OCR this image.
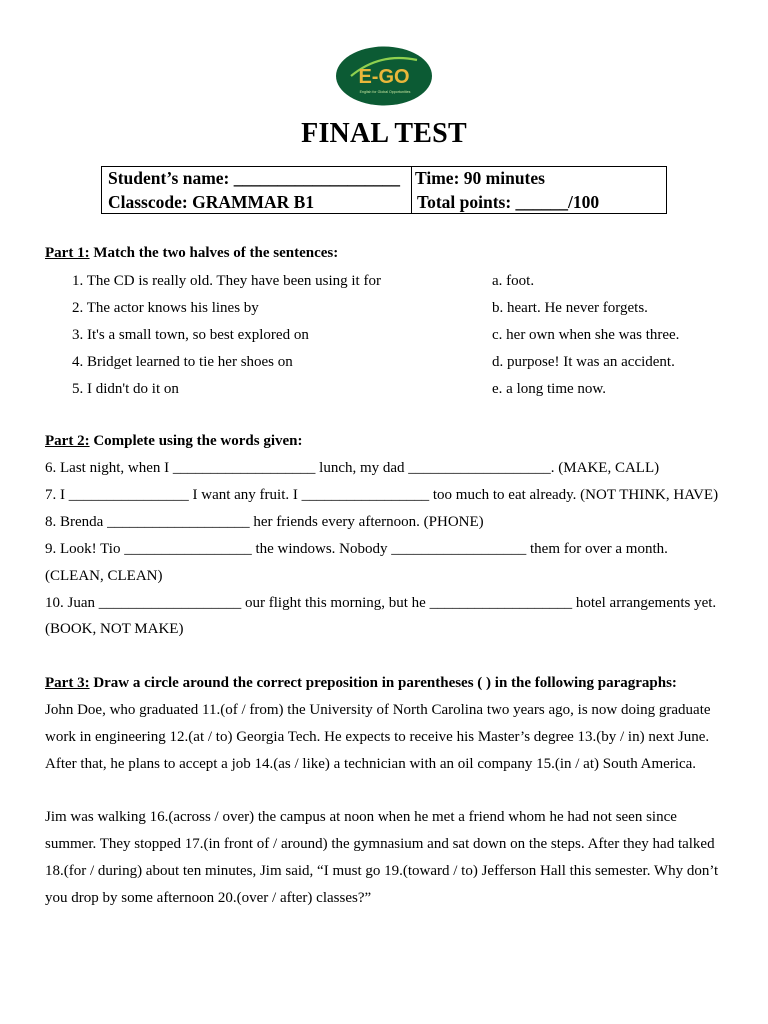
E-GO
English for Global Opportunities
FINAL TEST
Student’s name: ___________________ Time: 90 minutes
Classcode: GRAMMAR B1	Total points: ______/100
Part 1: Match the two halves of the sentences:
1. The CD is really old. They have been using it for
2. The actor knows his lines by
3. It's a small town, so best explored on
4. Bridget learned to tie her shoes on
5. I didn't do it on
a. foot.
b. heart. He never forgets.
c. her own when she was three.
d. purpose! It was an accident.
e. a long time now.
Part 2: Complete using the words given:
6. Last night, when I ___________________ lunch, my dad ___________________. (MAKE, CALL)
7. I ________________ I want any fruit. I _________________ too much to eat already. (NOT THINK, HAVE)
8. Brenda ___________________ her friends every afternoon. (PHONE)
9. Look! Tio _________________ the windows. Nobody __________________ them for over a month.
(CLEAN, CLEAN)
10. Juan ___________________ our flight this morning, but he ___________________ hotel arrangements yet.
(BOOK, NOT MAKE)
Part 3: Draw a circle around the correct preposition in parentheses ( ) in the following paragraphs:
John Doe, who graduated 11.(of / from) the University of North Carolina two years ago, is now doing graduate
work in engineering 12.(at / to) Georgia Tech. He expects to receive his Master’s degree 13.(by / in) next June.
After that, he plans to accept a job 14.(as / like) a technician with an oil company 15.(in / at) South America.
Jim was walking 16.(across / over) the campus at noon when he met a friend whom he had not seen since
summer. They stopped 17.(in front of / around) the gymnasium and sat down on the steps. After they had talked
18.(for / during) about ten minutes, Jim said, “I must go 19.(toward / to) Jefferson Hall this semester. Why don’t
you drop by some afternoon 20.(over / after) classes?”
